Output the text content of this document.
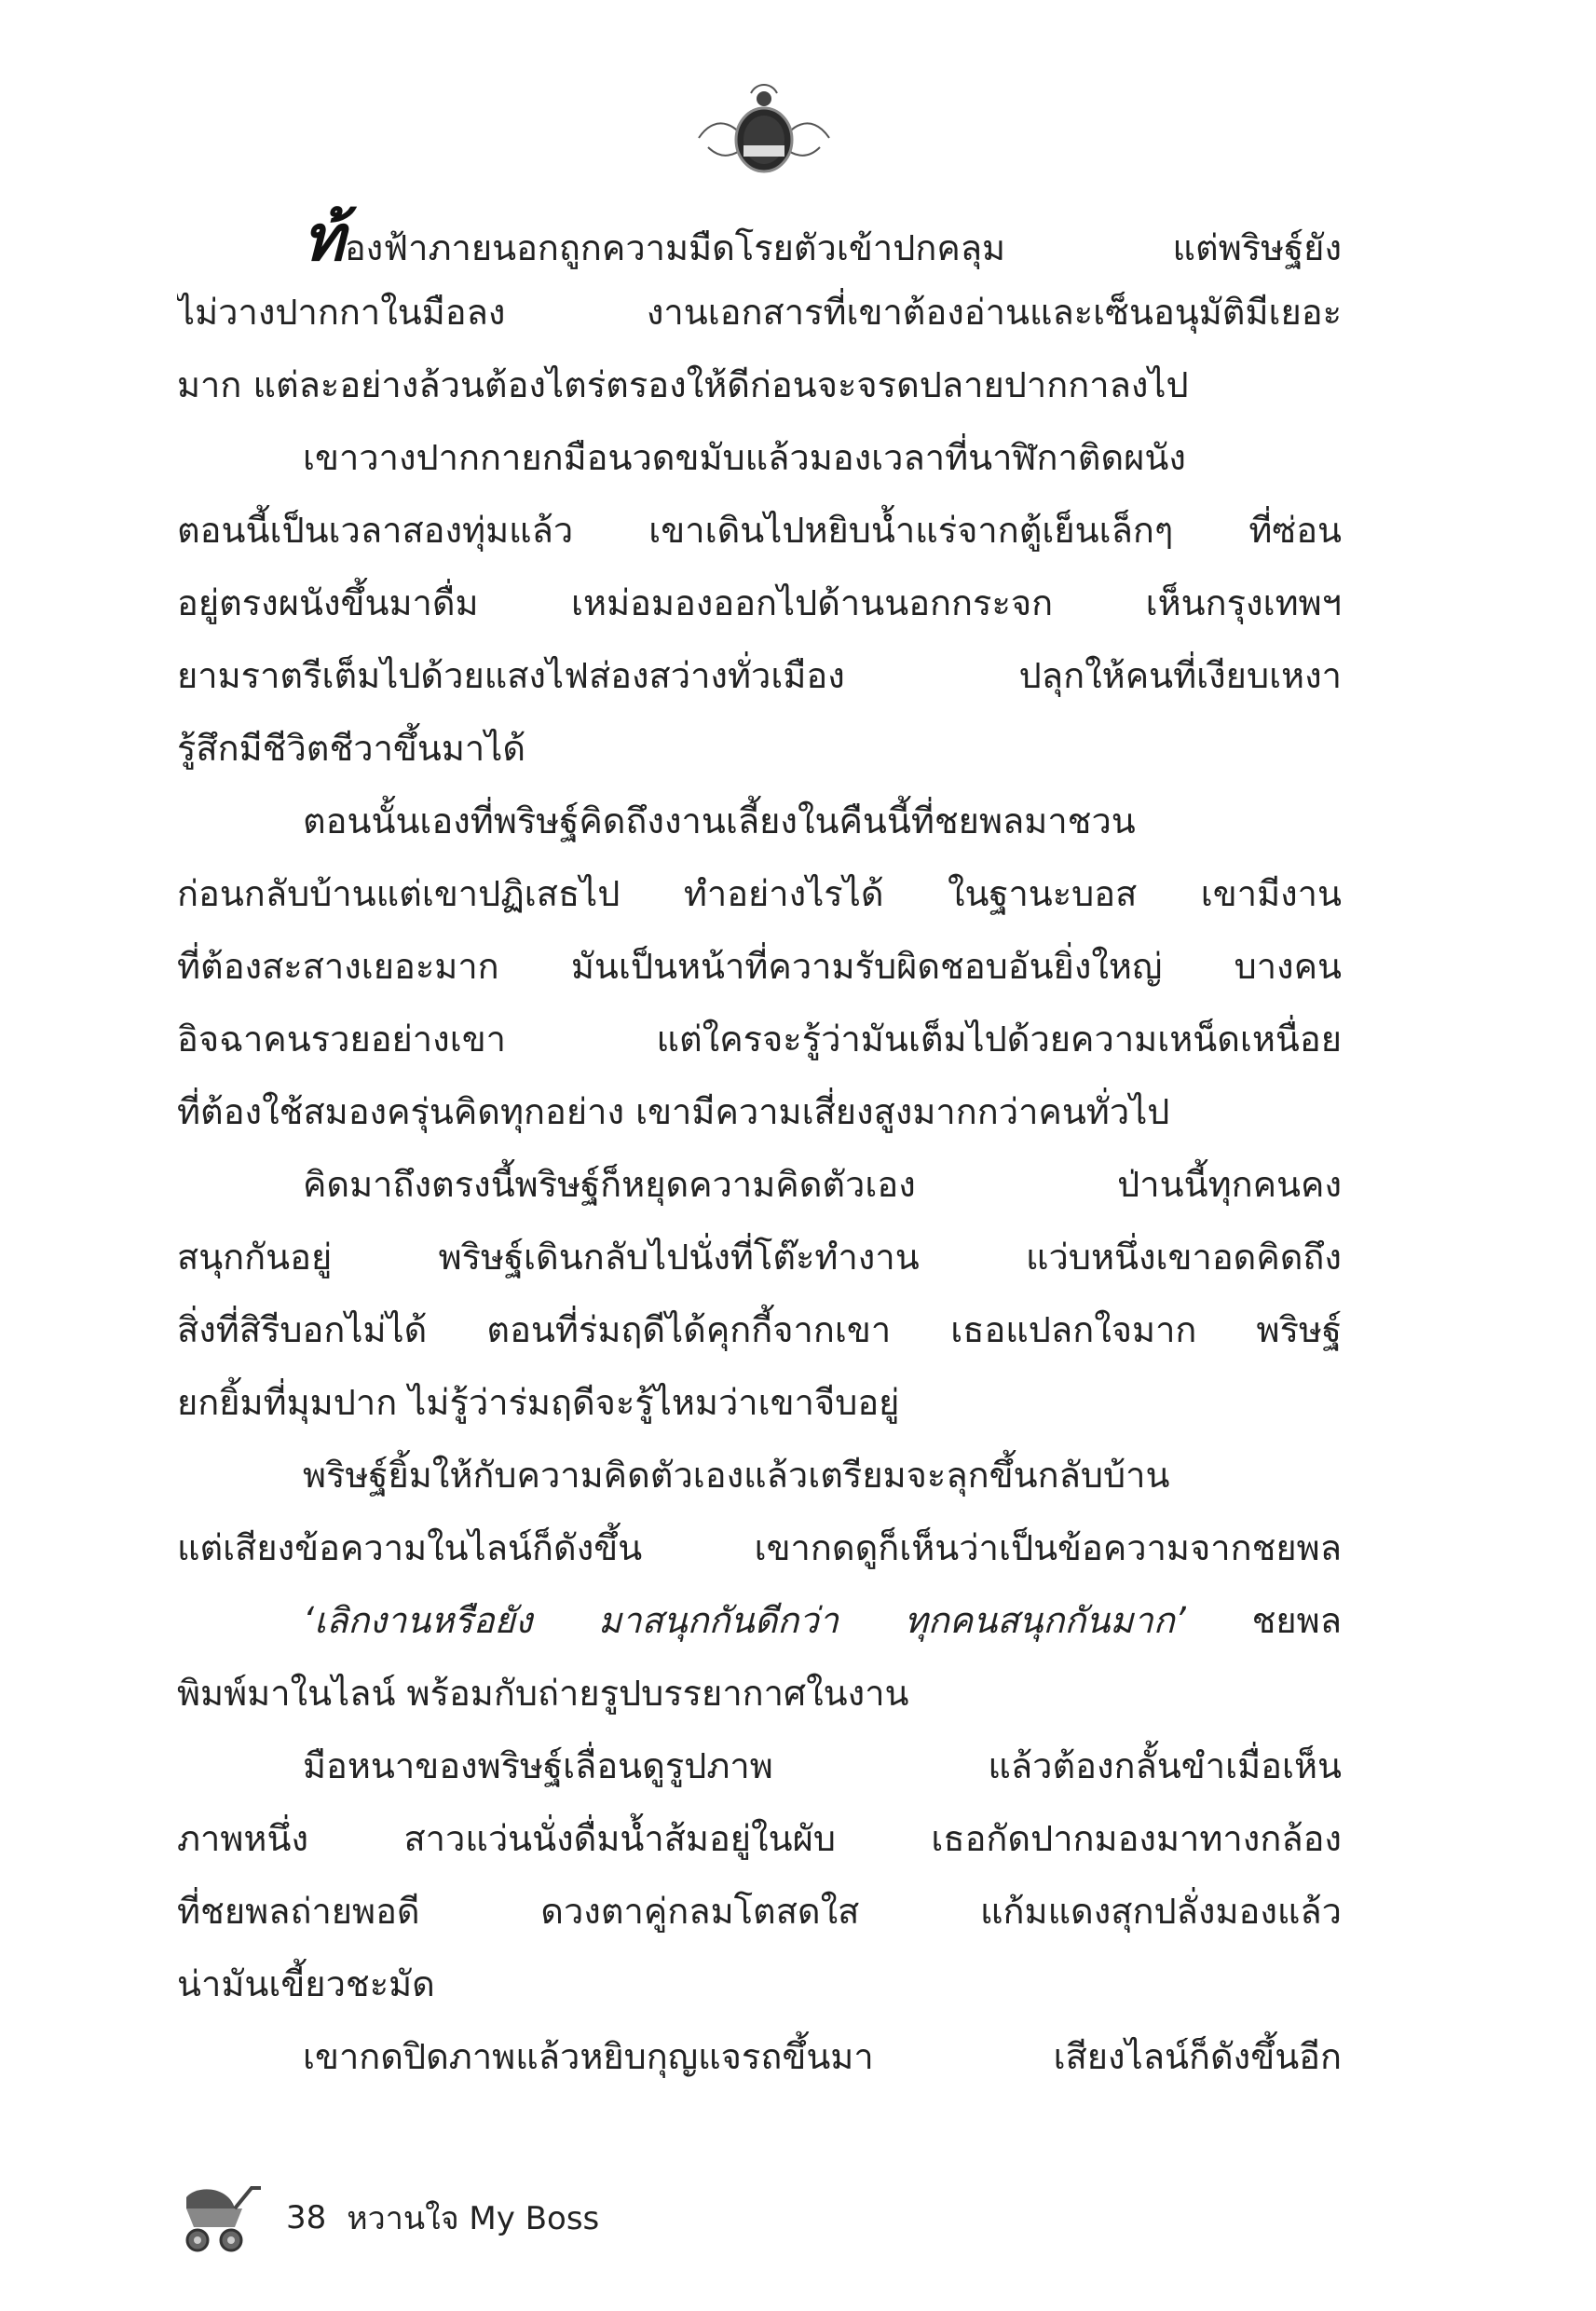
ท้องฟ้าภายนอกถูกความมืดโรยตัวเข้าปกคลุม แต่พริษฐ์ยัง
ไม่วางปากกาในมือลง งานเอกสารที่เขาต้องอ่านและเซ็นอนุมัติมีเยอะ
มาก แต่ละอย่างล้วนต้องไตร่ตรองให้ดีก่อนจะจรดปลายปากกาลงไป
เขาวางปากกายกมือนวดขมับแล้วมองเวลาที่นาฬิกาติดผนัง
ตอนนี้เป็นเวลาสองทุ่มแล้ว เขาเดินไปหยิบน้ำแร่จากตู้เย็นเล็กๆ ที่ซ่อน
อยู่ตรงผนังขึ้นมาดื่ม เหม่อมองออกไปด้านนอกกระจก เห็นกรุงเทพฯ
ยามราตรีเต็มไปด้วยแสงไฟส่องสว่างทั่วเมือง ปลุกให้คนที่เงียบเหงา
รู้สึกมีชีวิตชีวาขึ้นมาได้
ตอนนั้นเองที่พริษฐ์คิดถึงงานเลี้ยงในคืนนี้ที่ชยพลมาชวน
ก่อนกลับบ้านแต่เขาปฏิเสธไป ทำอย่างไรได้ ในฐานะบอส เขามีงาน
ที่ต้องสะสางเยอะมาก มันเป็นหน้าที่ความรับผิดชอบอันยิ่งใหญ่ บางคน
อิจฉาคนรวยอย่างเขา แต่ใครจะรู้ว่ามันเต็มไปด้วยความเหน็ดเหนื่อย
ที่ต้องใช้สมองครุ่นคิดทุกอย่าง เขามีความเสี่ยงสูงมากกว่าคนทั่วไป
คิดมาถึงตรงนี้พริษฐ์ก็หยุดความคิดตัวเอง ป่านนี้ทุกคนคง
สนุกกันอยู่ พริษฐ์เดินกลับไปนั่งที่โต๊ะทำงาน แว่บหนึ่งเขาอดคิดถึง
สิ่งที่สิรีบอกไม่ได้ ตอนที่ร่มฤดีได้คุกกี้จากเขา เธอแปลกใจมาก พริษฐ์
ยกยิ้มที่มุมปาก ไม่รู้ว่าร่มฤดีจะรู้ไหมว่าเขาจีบอยู่
พริษฐ์ยิ้มให้กับความคิดตัวเองแล้วเตรียมจะลุกขึ้นกลับบ้าน
แต่เสียงข้อความในไลน์ก็ดังขึ้น เขากดดูก็เห็นว่าเป็นข้อความจากชยพล
‘เลิกงานหรือยัง มาสนุกกันดีกว่า ทุกคนสนุกกันมาก’ ชยพล
พิมพ์มาในไลน์ พร้อมกับถ่ายรูปบรรยากาศในงาน
มือหนาของพริษฐ์เลื่อนดูรูปภาพ แล้วต้องกลั้นขำเมื่อเห็น
ภาพหนึ่ง สาวแว่นนั่งดื่มน้ำส้มอยู่ในผับ เธอกัดปากมองมาทางกล้อง
ที่ชยพลถ่ายพอดี ดวงตาคู่กลมโตสดใส แก้มแดงสุกปลั่งมองแล้ว
น่ามันเขี้ยวชะมัด
เขากดปิดภาพแล้วหยิบกุญแจรถขึ้นมา เสียงไลน์ก็ดังขึ้นอีก
38 หวานใจ My Boss
